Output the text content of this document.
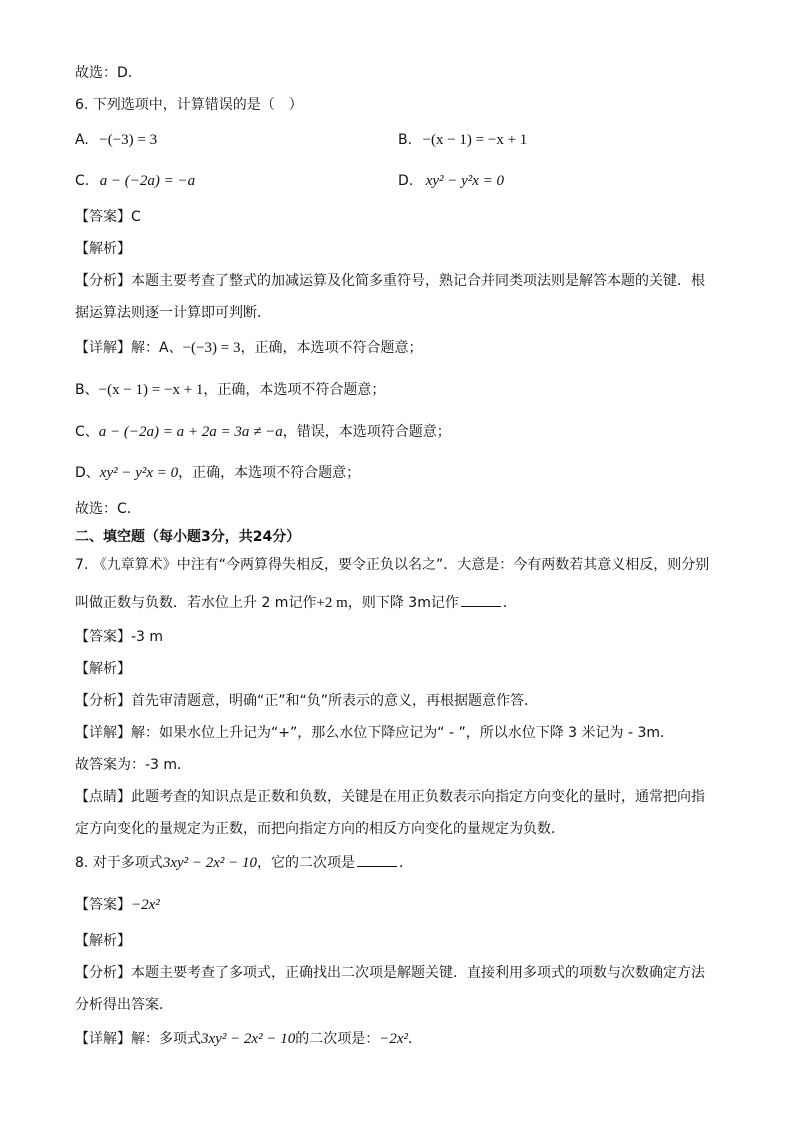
故选：D．
6. 下列选项中，计算错误的是（　）
A. −(−3) = 3	B. −(x − 1) = −x + 1
C. a − (−2a) = −a	D. xy² − y²x = 0
【答案】C
【解析】
【分析】本题主要考查了整式的加减运算及化简多重符号，熟记合并同类项法则是解答本题的关键．根
据运算法则逐一计算即可判断．
【详解】解：A、−(−3) = 3，正确，本选项不符合题意；
B、−(x − 1) = −x + 1，正确，本选项不符合题意；
C、a − (−2a) = a + 2a = 3a ≠ −a，错误，本选项符合题意；
D、xy² − y²x = 0，正确，本选项不符合题意；
故选：C．
二、填空题（每小题3分，共24分）
7. 《九章算术》中注有“今两算得失相反，要令正负以名之”．大意是：今有两数若其意义相反，则分别
叫做正数与负数．若水位上升 2 m记作+2 m，则下降 3m记作	．
【答案】-3 m
【解析】
【分析】首先审清题意，明确“正”和“负”所表示的意义，再根据题意作答．
【详解】解：如果水位上升记为“+”，那么水位下降应记为“ - ”，所以水位下降 3 米记为 - 3m．
故答案为：-3 m．
【点睛】此题考查的知识点是正数和负数，关键是在用正负数表示向指定方向变化的量时，通常把向指
定方向变化的量规定为正数，而把向指定方向的相反方向变化的量规定为负数．
8. 对于多项式3xy² − 2x² − 10，它的二次项是	．
【答案】−2x²
【解析】
【分析】本题主要考查了多项式，正确找出二次项是解题关键．直接利用多项式的项数与次数确定方法
分析得出答案．
【详解】解：多项式3xy² − 2x² − 10的二次项是：−2x²．
